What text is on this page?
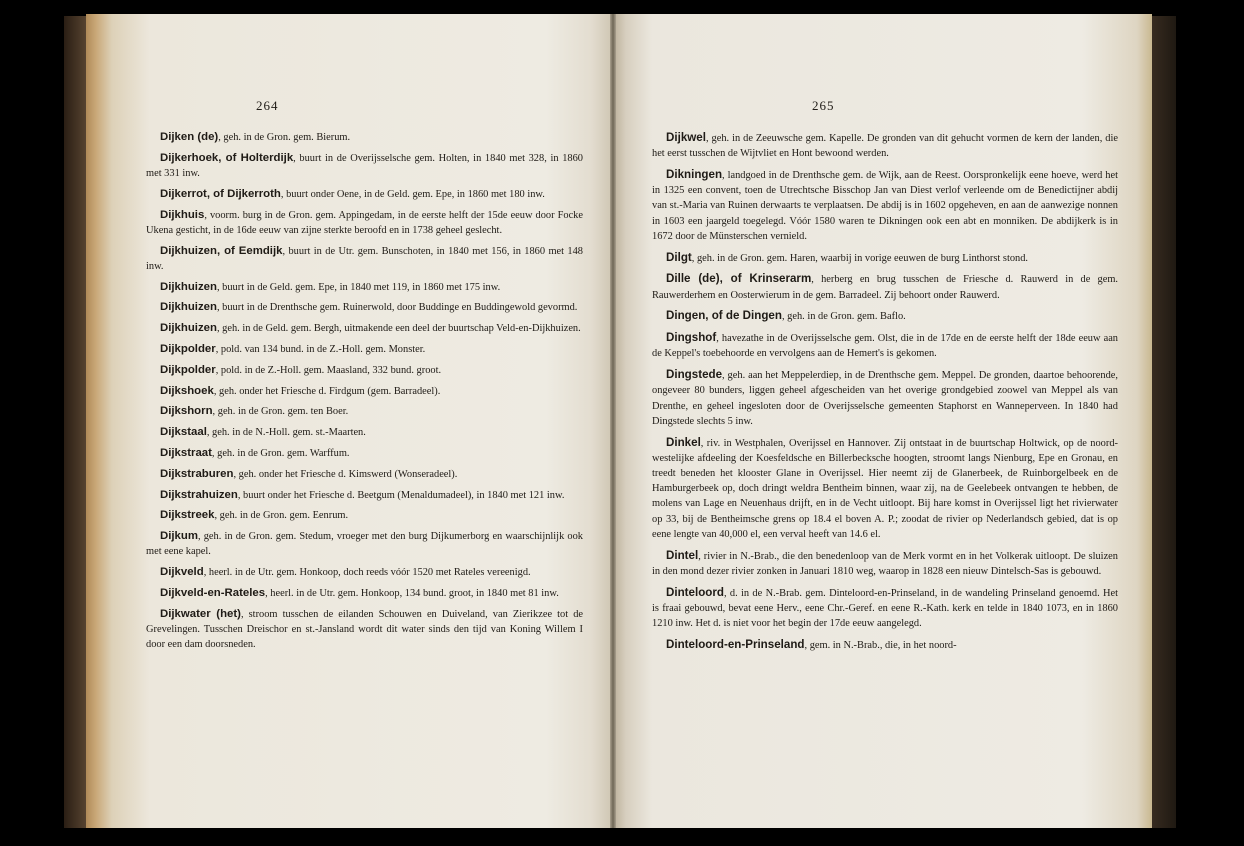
264

Dijken (de), geh. in de Gron. gem. Bierum.

Dijkerhoek, of Holterdijk, buurt in de Overijsselsche gem. Holten, in 1840 met 328, in 1860 met 331 inw.

Dijkerrot, of Dijkerroth, buurt onder Oene, in de Geld. gem. Epe, in 1860 met 180 inw.

Dijkhuis, voorm. burg in de Gron. gem. Appingedam, in de eerste helft der 15de eeuw door Focke Ukena gesticht, in de 16de eeuw van zijne sterkte beroofd en in 1738 geheel geslecht.

Dijkhuizen, of Eemdijk, buurt in de Utr. gem. Bunschoten, in 1840 met 156, in 1860 met 148 inw.

Dijkhuizen, buurt in de Geld. gem. Epe, in 1840 met 119, in 1860 met 175 inw.

Dijkhuizen, buurt in de Drenthsche gem. Ruinerwold, door Buddinge en Buddingewold gevormd.

Dijkhuizen, geh. in de Geld. gem. Bergh, uitmakende een deel der buurtschap Veld-en-Dijkhuizen.

Dijkpolder, pold. van 134 bund. in de Z.-Holl. gem. Monster.

Dijkpolder, pold. in de Z.-Holl. gem. Maasland, 332 bund. groot.

Dijkshoek, geh. onder het Friesche d. Firdgum (gem. Barradeel).

Dijkshorn, geh. in de Gron. gem. ten Boer.

Dijkstaal, geh. in de N.-Holl. gem. st.-Maarten.

Dijkstraat, geh. in de Gron. gem. Warffum.

Dijkstraburen, geh. onder het Friesche d. Kimswerd (Wonseradeel).

Dijkstrahuizen, buurt onder het Friesche d. Beetgum (Menaldumadeel), in 1840 met 121 inw.

Dijkstreek, geh. in de Gron. gem. Eenrum.

Dijkum, geh. in de Gron. gem. Stedum, vroeger met den burg Dijkumerborg en waarschijnlijk ook met eene kapel.

Dijkveld, heerl. in de Utr. gem. Honkoop, doch reeds vóór 1520 met Rateles vereenigd.

Dijkveld-en-Rateles, heerl. in de Utr. gem. Honkoop, 134 bund. groot, in 1840 met 81 inw.

Dijkwater (het), stroom tusschen de eilanden Schouwen en Duiveland, van Zierikzee tot de Grevelingen. Tusschen Dreischor en st.-Jansland wordt dit water sinds den tijd van Koning Willem I door een dam doorsneden.

265

Dijkwel, geh. in de Zeeuwsche gem. Kapelle. De gronden van dit gehucht vormen de kern der landen, die het eerst tusschen de Wijtvliet en Hont bewoond werden.

Dikningen, landgoed in de Drenthsche gem. de Wijk, aan de Reest. Oorspronkelijk eene hoeve, werd het in 1325 een convent, toen de Utrechtsche Bisschop Jan van Diest verlof verleende om de Benedictijner abdij van st.-Maria van Ruinen derwaarts te verplaatsen. De abdij is in 1602 opgeheven, en aan de aanwezige nonnen in 1603 een jaargeld toegelegd. Vóór 1580 waren te Dikningen ook een abt en monniken. De abdijkerk is in 1672 door de Münsterschen vernield.

Dilgt, geh. in de Gron. gem. Haren, waarbij in vorige eeuwen de burg Linthorst stond.

Dille (de), of Krinserarm, herberg en brug tusschen de Friesche d. Rauwerd in de gem. Rauwerderhem en Oosterwierum in de gem. Barradeel. Zij behoort onder Rauwerd.

Dingen, of de Dingen, geh. in de Gron. gem. Baflo.

Dingshof, havezathe in de Overijsselsche gem. Olst, die in de 17de en de eerste helft der 18de eeuw aan de Keppel's toebehoorde en vervolgens aan de Hemert's is gekomen.

Dingstede, geh. aan het Meppelerdiep, in de Drenthsche gem. Meppel. De gronden, daartoe behoorende, ongeveer 80 bunders, liggen geheel afgescheiden van het overige grondgebied zoowel van Meppel als van Drenthe, en geheel ingesloten door de Overijsselsche gemeenten Staphorst en Wanneperveen. In 1840 had Dingstede slechts 5 inw.

Dinkel, riv. in Westphalen, Overijssel en Hannover. Zij ontstaat in de buurtschap Holtwick, op de noord-westelijke afdeeling der Koesfeldsche en Billerbecksche hoogten, stroomt langs Nienburg, Epe en Gronau, en treedt beneden het klooster Glane in Overijssel. Hier neemt zij de Glanerbeek, de Ruinborgelbeek en de Hamburgerbeek op, doch dringt weldra Bentheim binnen, waar zij, na de Geelebeek ontvangen te hebben, de molens van Lage en Neuenhaus drijft, en in de Vecht uitloopt. Bij hare komst in Overijssel ligt het rivierwater op 33, bij de Bentheimsche grens op 18.4 el boven A. P.; zoodat de rivier op Nederlandsch gebied, dat is op eene lengte van 40,000 el, een verval heeft van 14.6 el.

Dintel, rivier in N.-Brab., die den benedenloop van de Merk vormt en in het Volkerak uitloopt. De sluizen in den mond dezer rivier zonken in Januari 1810 weg, waarop in 1828 een nieuw Dintelsch-Sas is gebouwd.

Dinteloord, d. in de N.-Brab. gem. Dinteloord-en-Prinseland, in de wandeling Prinseland genoemd. Het is fraai gebouwd, bevat eene Herv., eene Chr.-Geref. en eene R.-Kath. kerk en telde in 1840 1073, en in 1860 1210 inw. Het d. is niet voor het begin der 17de eeuw aangelegd.

Dinteloord-en-Prinseland, gem. in N.-Brab., die, in het noord-
